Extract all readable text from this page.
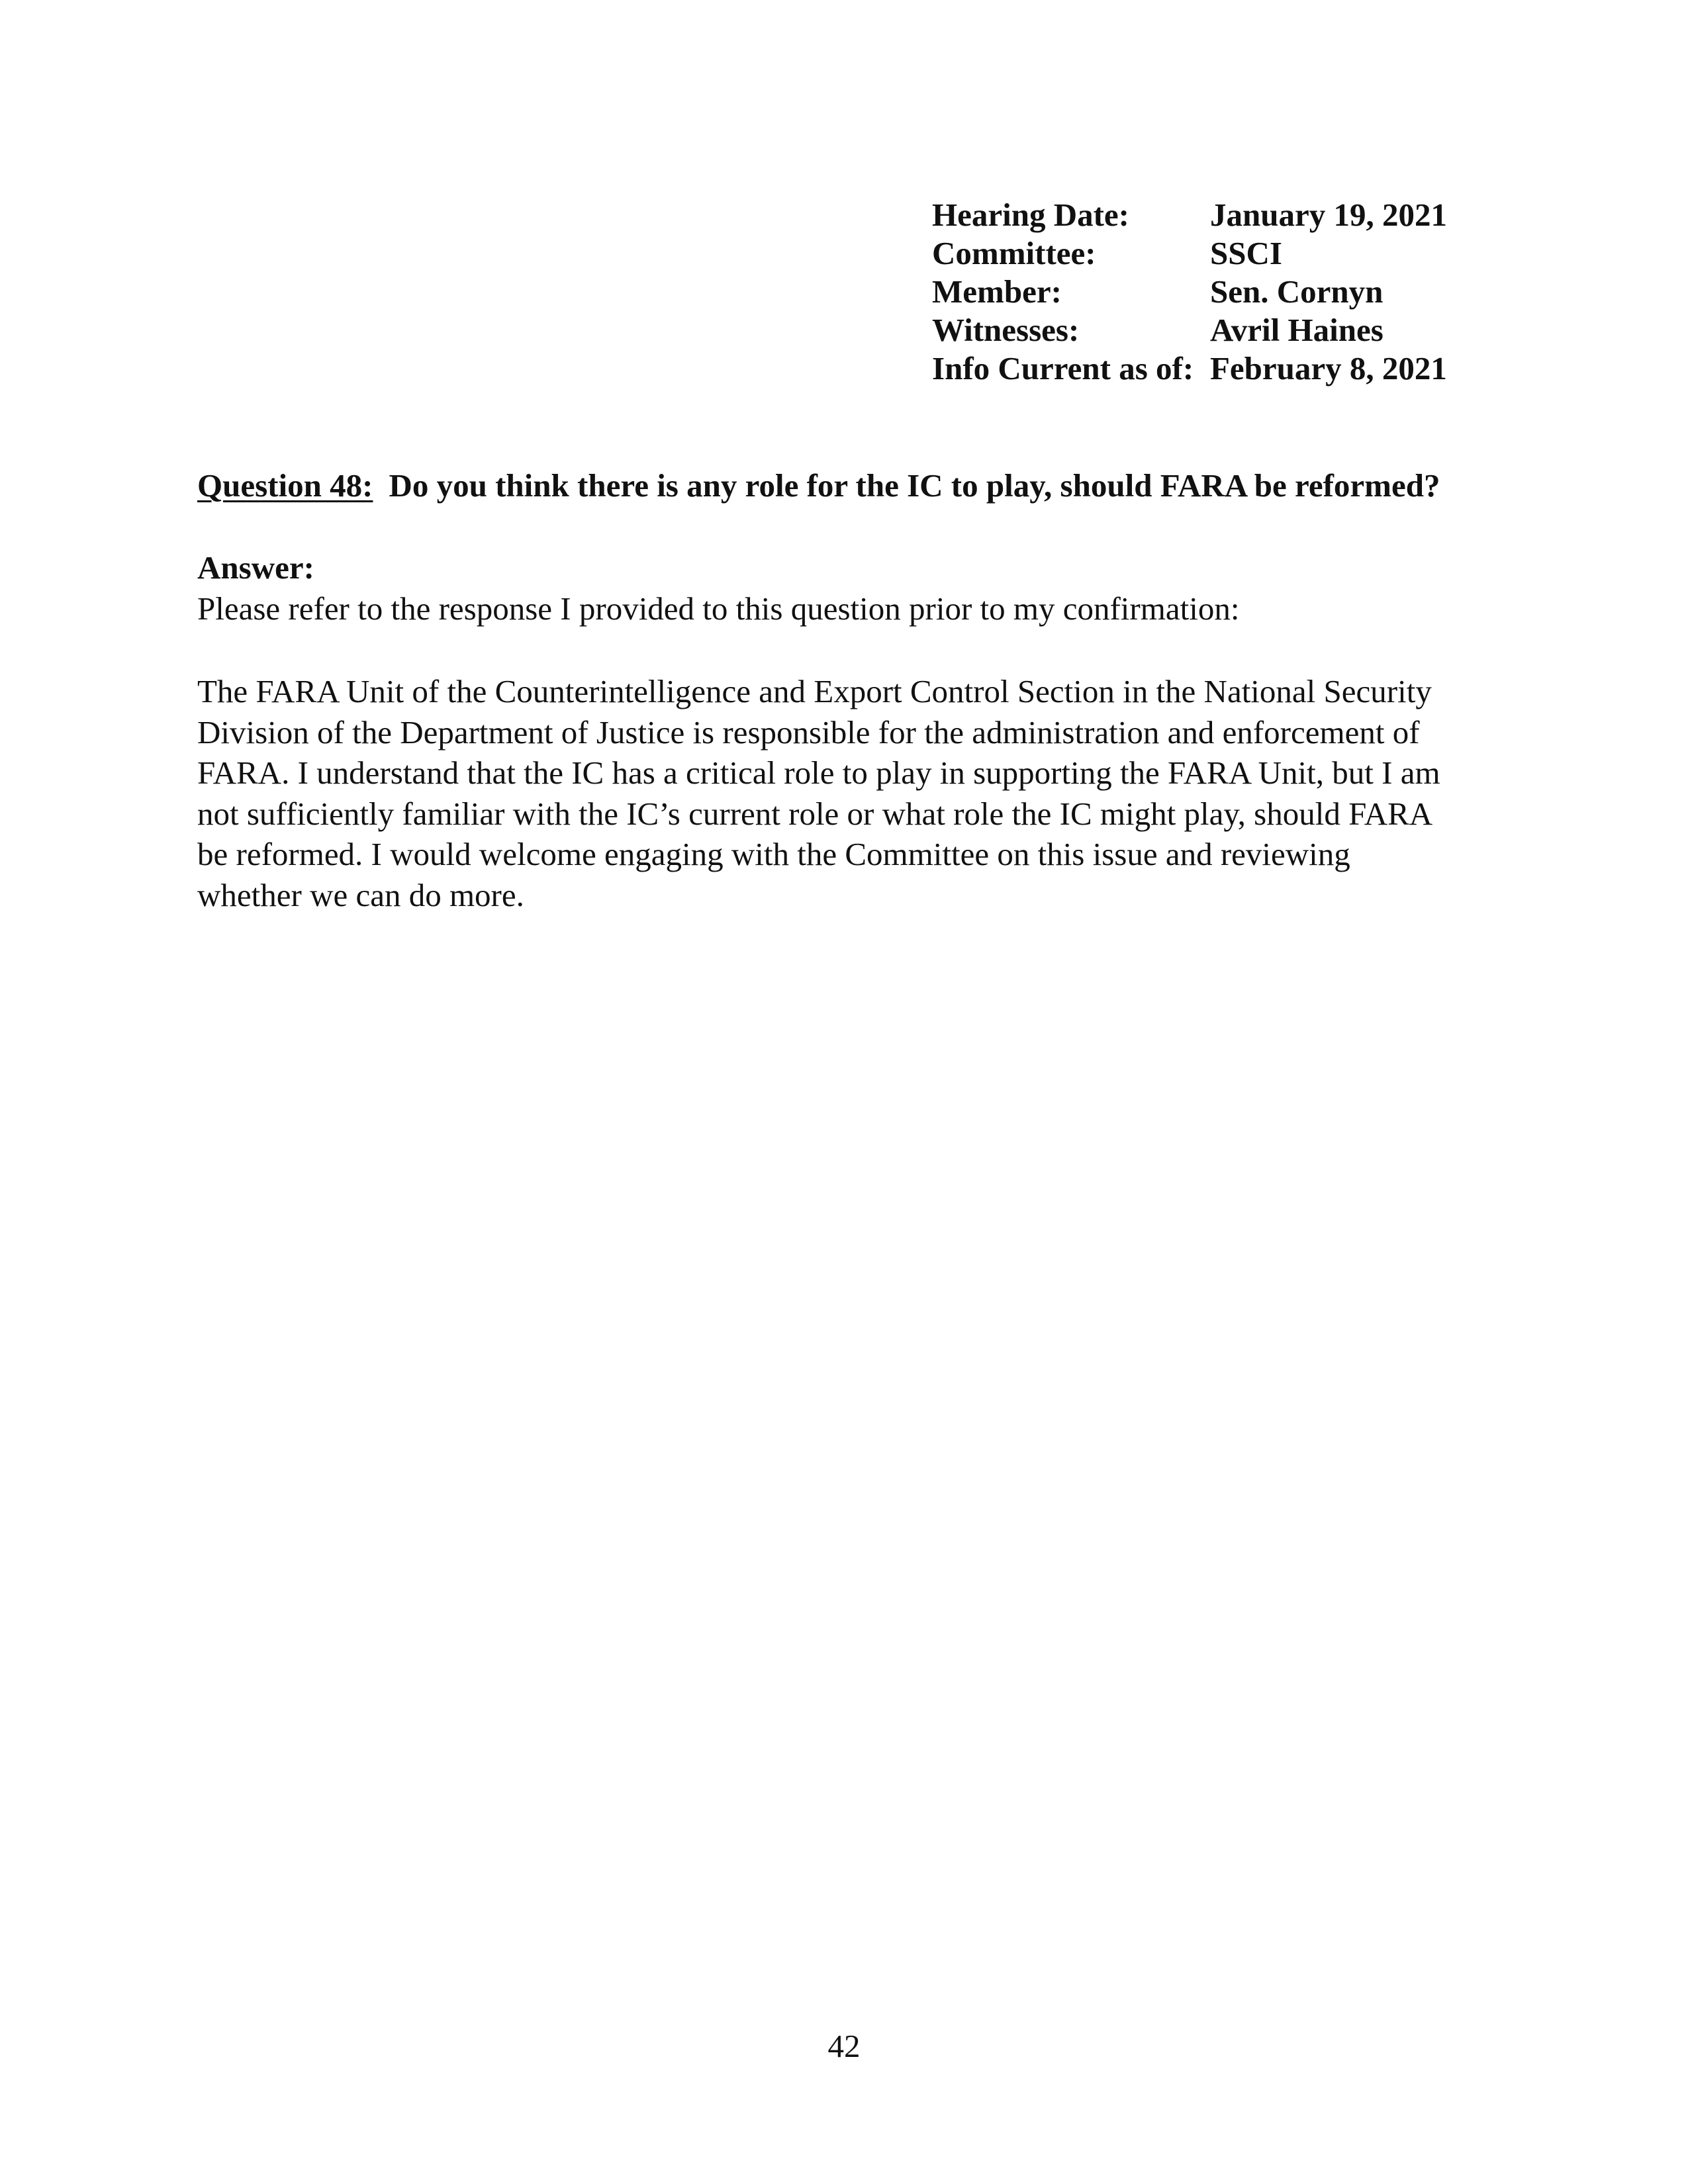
Hearing Date:	January 19, 2021
Committee:	SSCI
Member:	Sen. Cornyn
Witnesses:	Avril Haines
Info Current as of: February 8, 2021
Question 48: Do you think there is any role for the IC to play, should FARA be reformed?
Answer:
Please refer to the response I provided to this question prior to my confirmation:
The FARA Unit of the Counterintelligence and Export Control Section in the National Security
Division of the Department of Justice is responsible for the administration and enforcement of
FARA. I understand that the IC has a critical role to play in supporting the FARA Unit, but I am
not sufficiently familiar with the IC’s current role or what role the IC might play, should FARA
be reformed. I would welcome engaging with the Committee on this issue and reviewing
whether we can do more.
42
